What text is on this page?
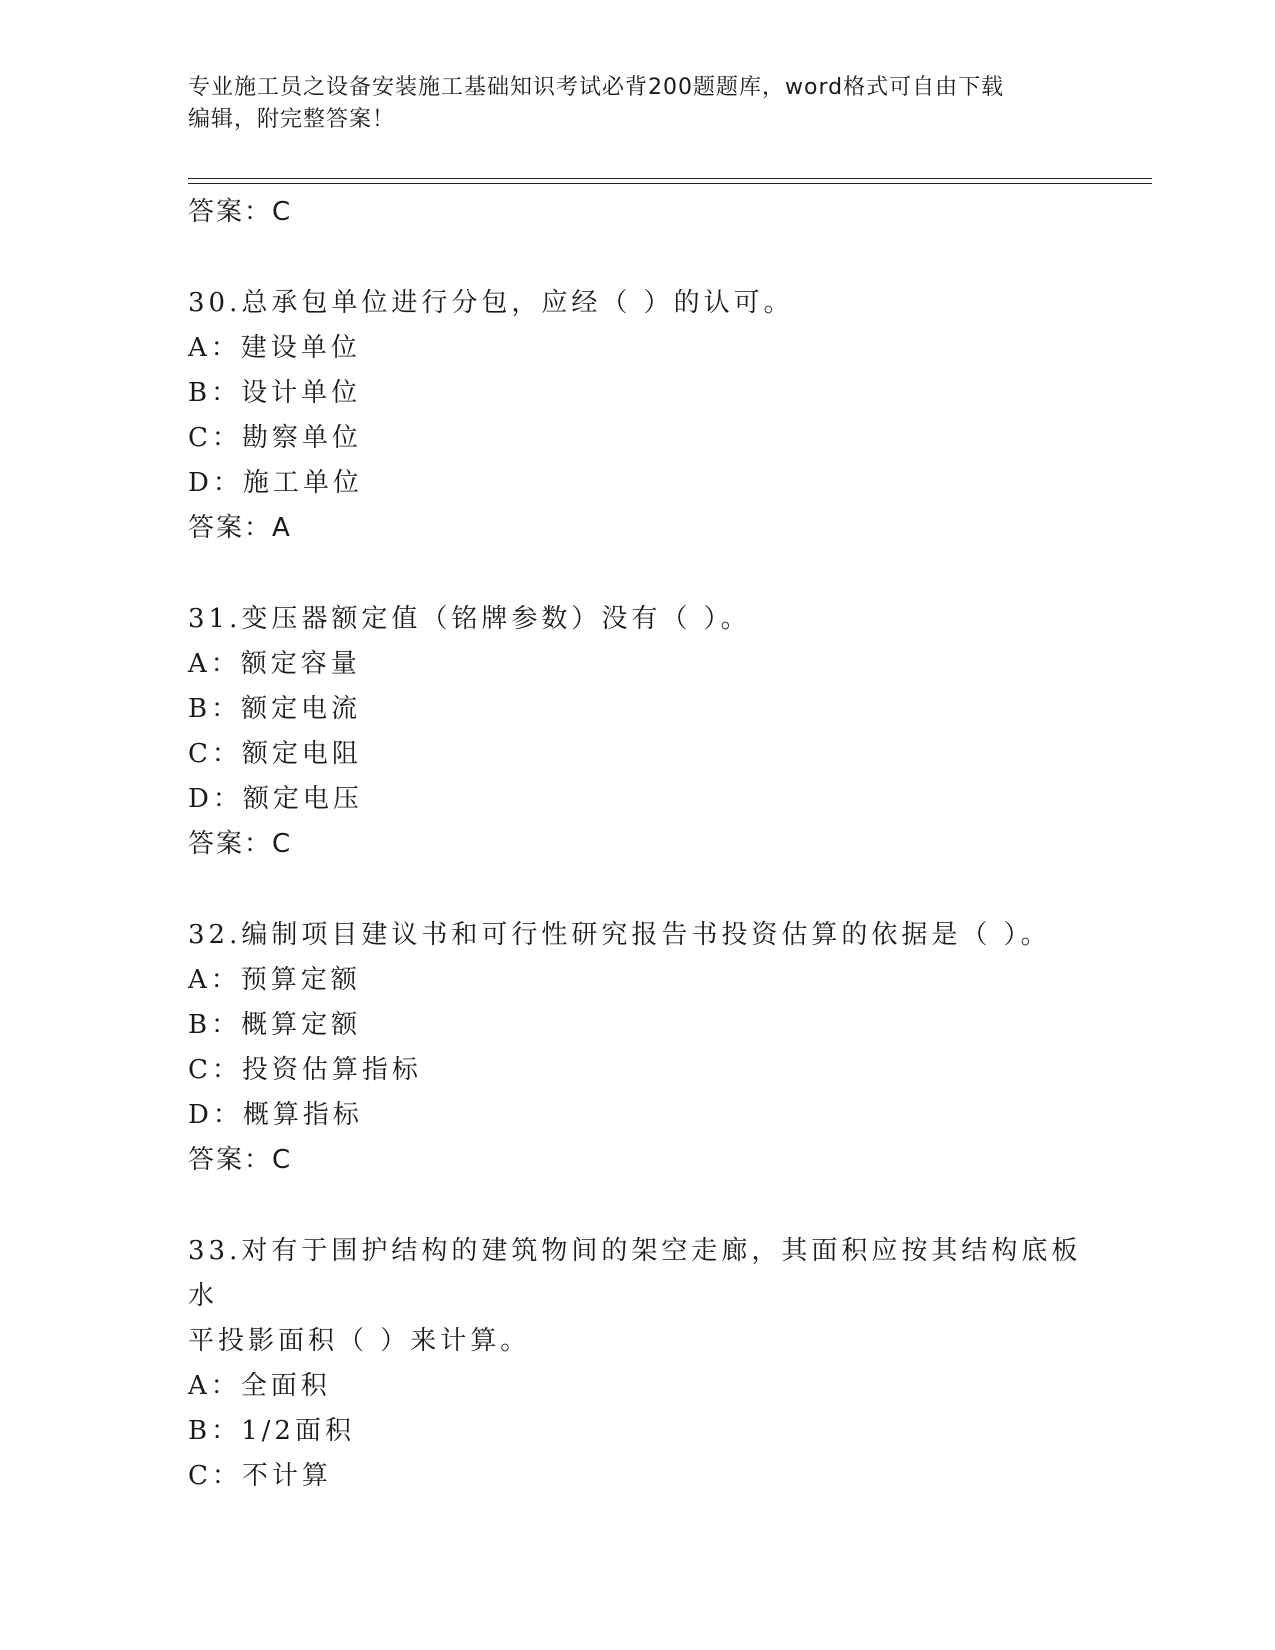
专业施工员之设备安装施工基础知识考试必背200题题库，word格式可自由下载
编辑，附完整答案！
答案：C
30.总承包单位进行分包，应经（ ）的认可。
A：建设单位
B：设计单位
C：勘察单位
D：施工单位
答案：A
31.变压器额定值（铭牌参数）没有（ ）。
A：额定容量
B：额定电流
C：额定电阻
D：额定电压
答案：C
32.编制项目建议书和可行性研究报告书投资估算的依据是（ ）。
A：预算定额
B：概算定额
C：投资估算指标
D：概算指标
答案：C
33.对有于围护结构的建筑物间的架空走廊，其面积应按其结构底板水
平投影面积（ ）来计算。
A：全面积
B：1/2面积
C：不计算
